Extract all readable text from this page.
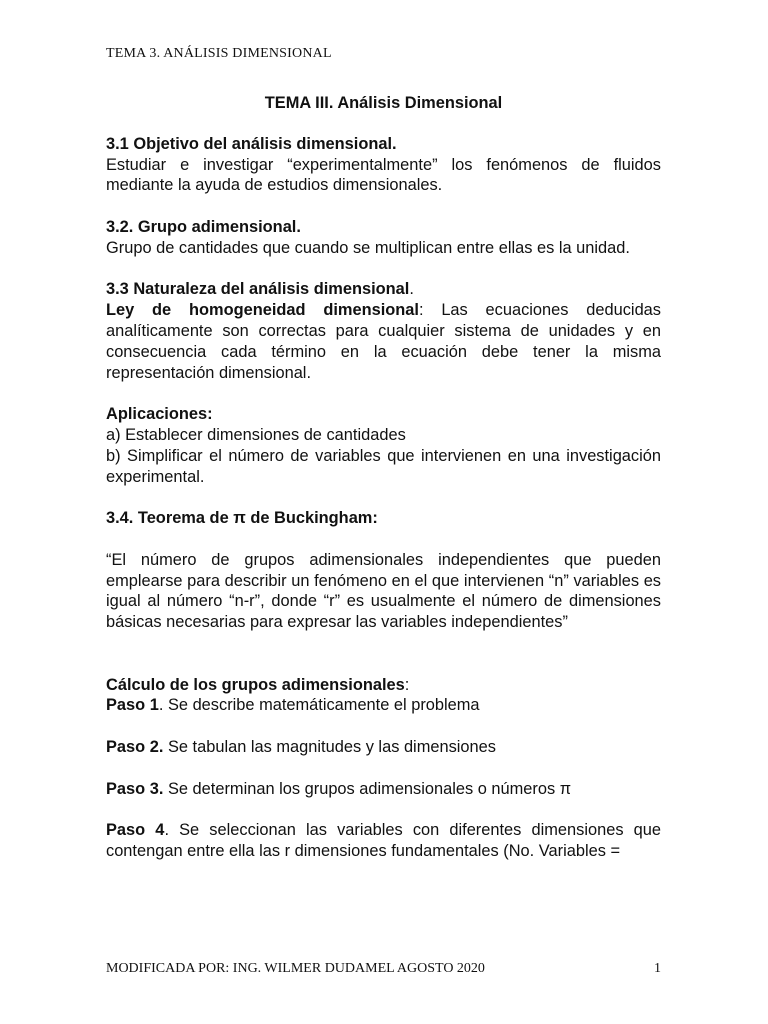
TEMA 3. ANÁLISIS DIMENSIONAL

TEMA III. Análisis Dimensional

3.1 Objetivo del análisis dimensional.

Estudiar e investigar “experimentalmente” los fenómenos de fluidos mediante la ayuda de estudios dimensionales.

3.2. Grupo adimensional.

Grupo de cantidades que cuando se multiplican entre ellas es la unidad.

3.3 Naturaleza del análisis dimensional.

Ley de homogeneidad dimensional: Las ecuaciones deducidas analíticamente son correctas para cualquier sistema de unidades y en consecuencia cada término en la ecuación debe tener la misma representación dimensional.

Aplicaciones:

a) Establecer dimensiones de cantidades

b) Simplificar el número de variables que intervienen en una investigación experimental.

3.4. Teorema de π de Buckingham:

“El número de grupos adimensionales independientes que pueden emplearse para describir un fenómeno en el que intervienen “n” variables es igual al número “n-r”, donde “r” es usualmente el número de dimensiones básicas necesarias para expresar las variables independientes”

Cálculo de los grupos adimensionales:

Paso 1. Se describe matemáticamente el problema

Paso 2. Se tabulan las magnitudes y las dimensiones

Paso 3. Se determinan los grupos adimensionales o números π

Paso 4. Se seleccionan las variables con diferentes dimensiones que contengan entre ella las r dimensiones fundamentales (No. Variables =

MODIFICADA POR: ING. WILMER DUDAMEL AGOSTO 2020	1
